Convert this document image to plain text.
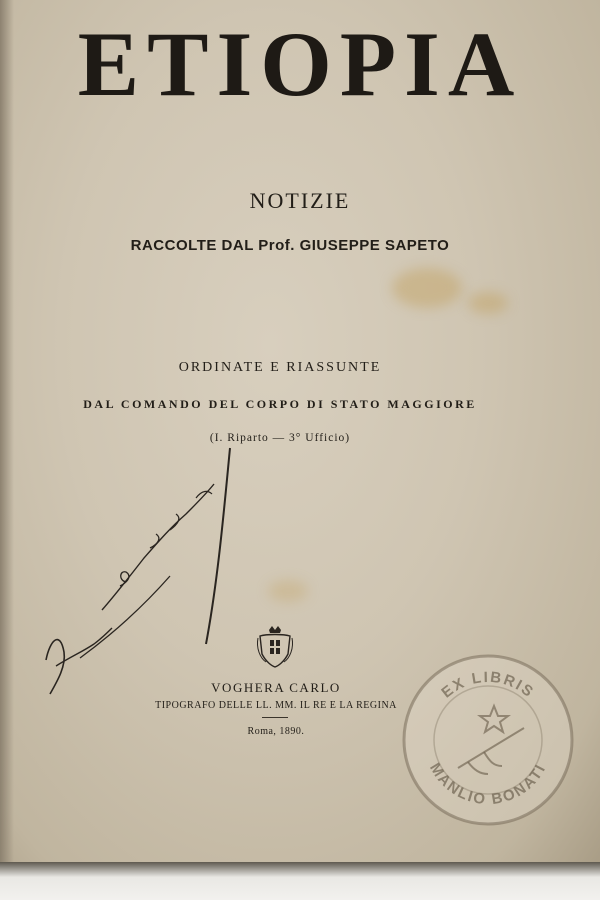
ETIOPIA

NOTIZIE

RACCOLTE DAL Prof. GIUSEPPE SAPETO

ORDINATE E RIASSUNTE

DAL COMANDO DEL CORPO DI STATO MAGGIORE

(I. Riparto — 3° Ufficio)

VOGHERA CARLO

TIPOGRAFO DELLE LL. MM. IL RE E LA REGINA

Roma, 1890.

EX LIBRIS
MANLIO BONATI
